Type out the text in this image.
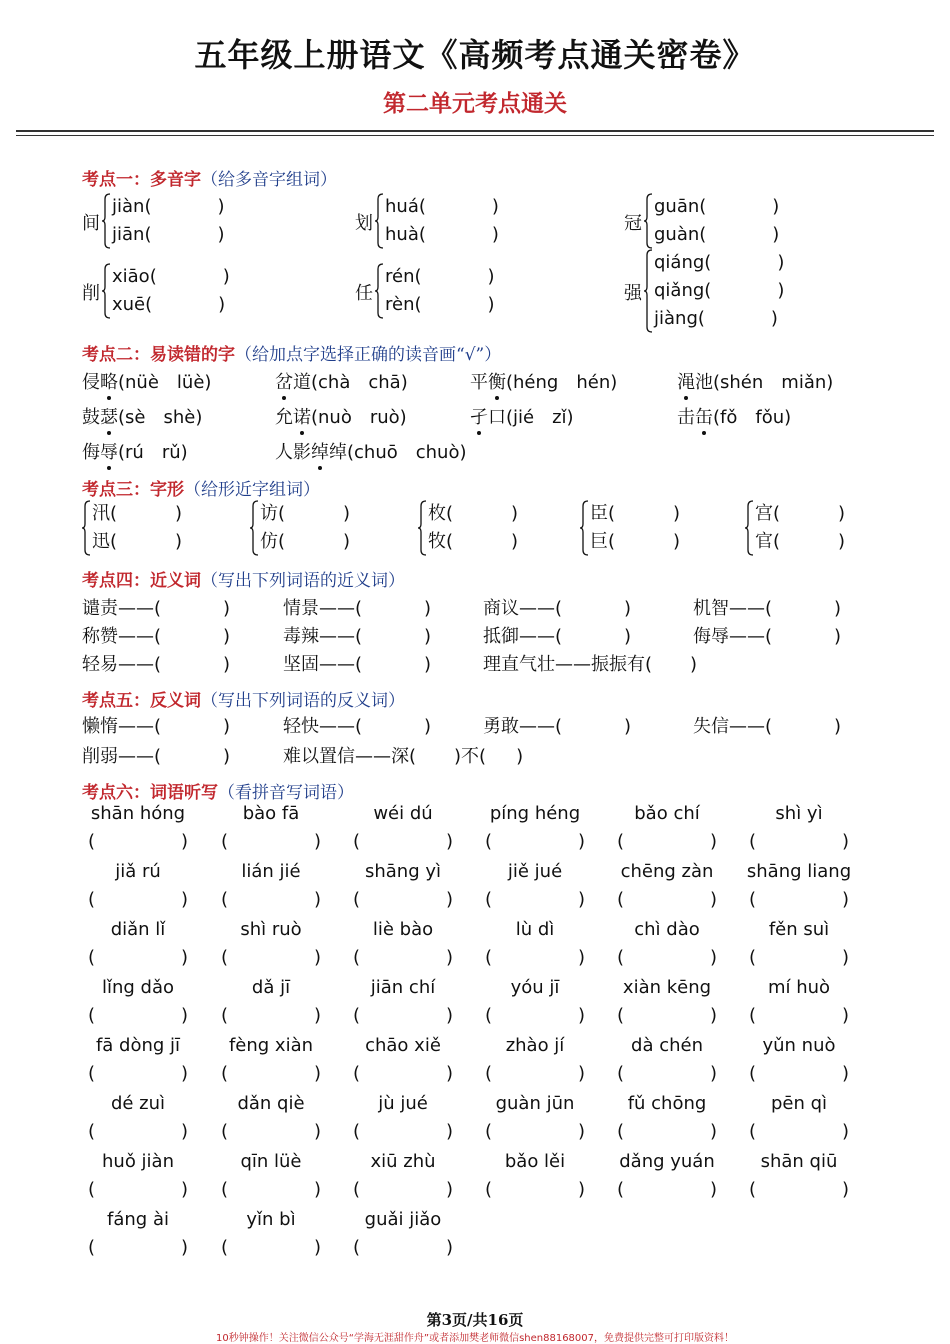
五年级上册语文《高频考点通关密卷》
第二单元考点通关
考点一：多音字（给多音字组词）
间
jiàn(	)
jiān(	)
划
huá(	)
huà(	)
冠
guān(	)
guàn(	)
削
xiāo(	)
xuē(	)
任
rén(	)
rèn(	)
强
qiáng(	)
qiǎng(	)
jiàng(	)
考点二：易读错的字（给加点字选择正确的读音画“√”）
侵略(nüè　lüè)	岔道(chà　chā)	平衡(héng　hén)	渑池(shén　miǎn)
鼓瑟(sè　shè)	允诺(nuò　ruò)	孑口(jié　zǐ)	击缶(fǒ　fǒu)
侮辱(rú　rǔ)	人影绰绰(chuō　chuò)
考点三：字形（给形近字组词）
汛(	)
迅(	)
访(	)
仿(	)
枚(	)
牧(	)
臣(	)
巨(	)
宫(	)
官(	)
考点四：近义词（写出下列词语的近义词）
谴责——(	)	情景——(	)	商议——(	)	机智——(	)
称赞——(	)	毒辣——(	)	抵御——(	)	侮辱——(	)
轻易——(	)	坚固——(	)	理直气壮——振振有( )
考点五：反义词（写出下列词语的反义词）
懒惰——(	)	轻快——(	)	勇敢——(	)	失信——(	)
削弱——(	)	难以置信——深( )不( )
考点六：词语听写（看拼音写词语）
shān hóng
(	)
bào fā
(	)
wéi dú
(	)
píng héng
(	)
bǎo chí
(	)
shì yì
(	)
jiǎ rú
(	)
lián jié
(	)
shāng yì
(	)
jiě jué
(	)
chēng zàn
(	)
shāng liang
(	)
diǎn lǐ
(	)
shì ruò
(	)
liè bào
(	)
lù dì
(	)
chì dào
(	)
fěn suì
(	)
lǐng dǎo
(	)
dǎ jī
(	)
jiān chí
(	)
yóu jī
(	)
xiàn kēng
(	)
mí huò
(	)
fā dòng jī
(	)
fèng xiàn
(	)
chāo xiě
(	)
zhào jí
(	)
dà chén
(	)
yǔn nuò
(	)
dé zuì
(	)
dǎn qiè
(	)
jù jué
(	)
guàn jūn
(	)
fǔ chōng
(	)
pēn qì
(	)
huǒ jiàn
(	)
qīn lüè
(	)
xiū zhù
(	)
bǎo lěi
(	)
dǎng yuán
(	)
shān qiū
(	)
fáng ài
(	)
yǐn bì
(	)
guǎi jiǎo
(	)
第3页/共16页
10秒钟操作！关注微信公众号“学海无涯甜作舟”或者添加樊老师微信shen88168007，免费提供完整可打印版资料！
